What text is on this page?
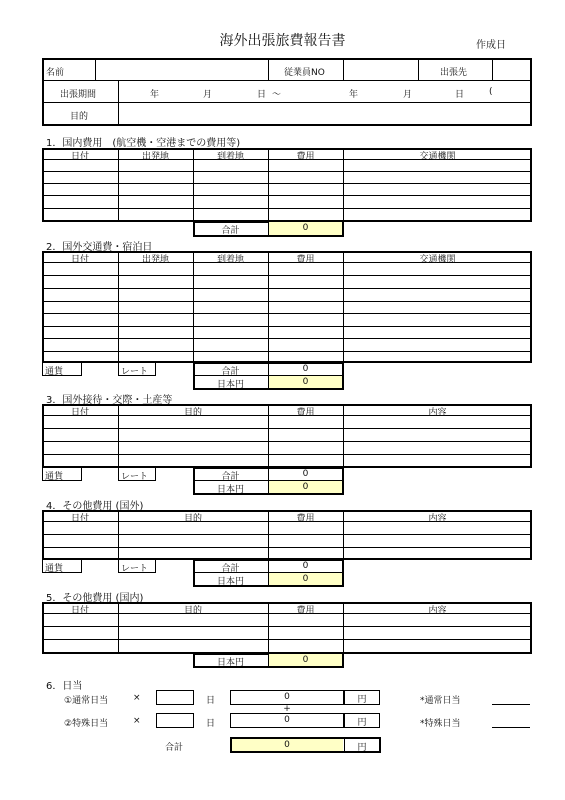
海外出張旅費報告書	作成日
名前	従業員NO	出張先
出張期間	年	月	日 ～	年	月	日	(
目的
1．国内費用　(航空機・空港までの費用等)
日付	出発地	到着地	費用	交通機関
合計	0
2．国外交通費・宿泊日
日付	出発地	到着地	費用	交通機関
通貨	レート	合計	0
日本円	0
3．国外接待・交際・土産等
日付	目的	費用	内容
通貨	レート	合計	0
日本円	0
4．その他費用 (国外)
日付	目的	費用	内容
通貨	レート	合計	0
日本円	0
5．その他費用 (国内)
日付	目的	費用	内容
日本円	0
6．日当
①通常日当	×	日	0	円	*通常日当
+
②特殊日当	×	日	0	円	*特殊日当
合計	0	円
